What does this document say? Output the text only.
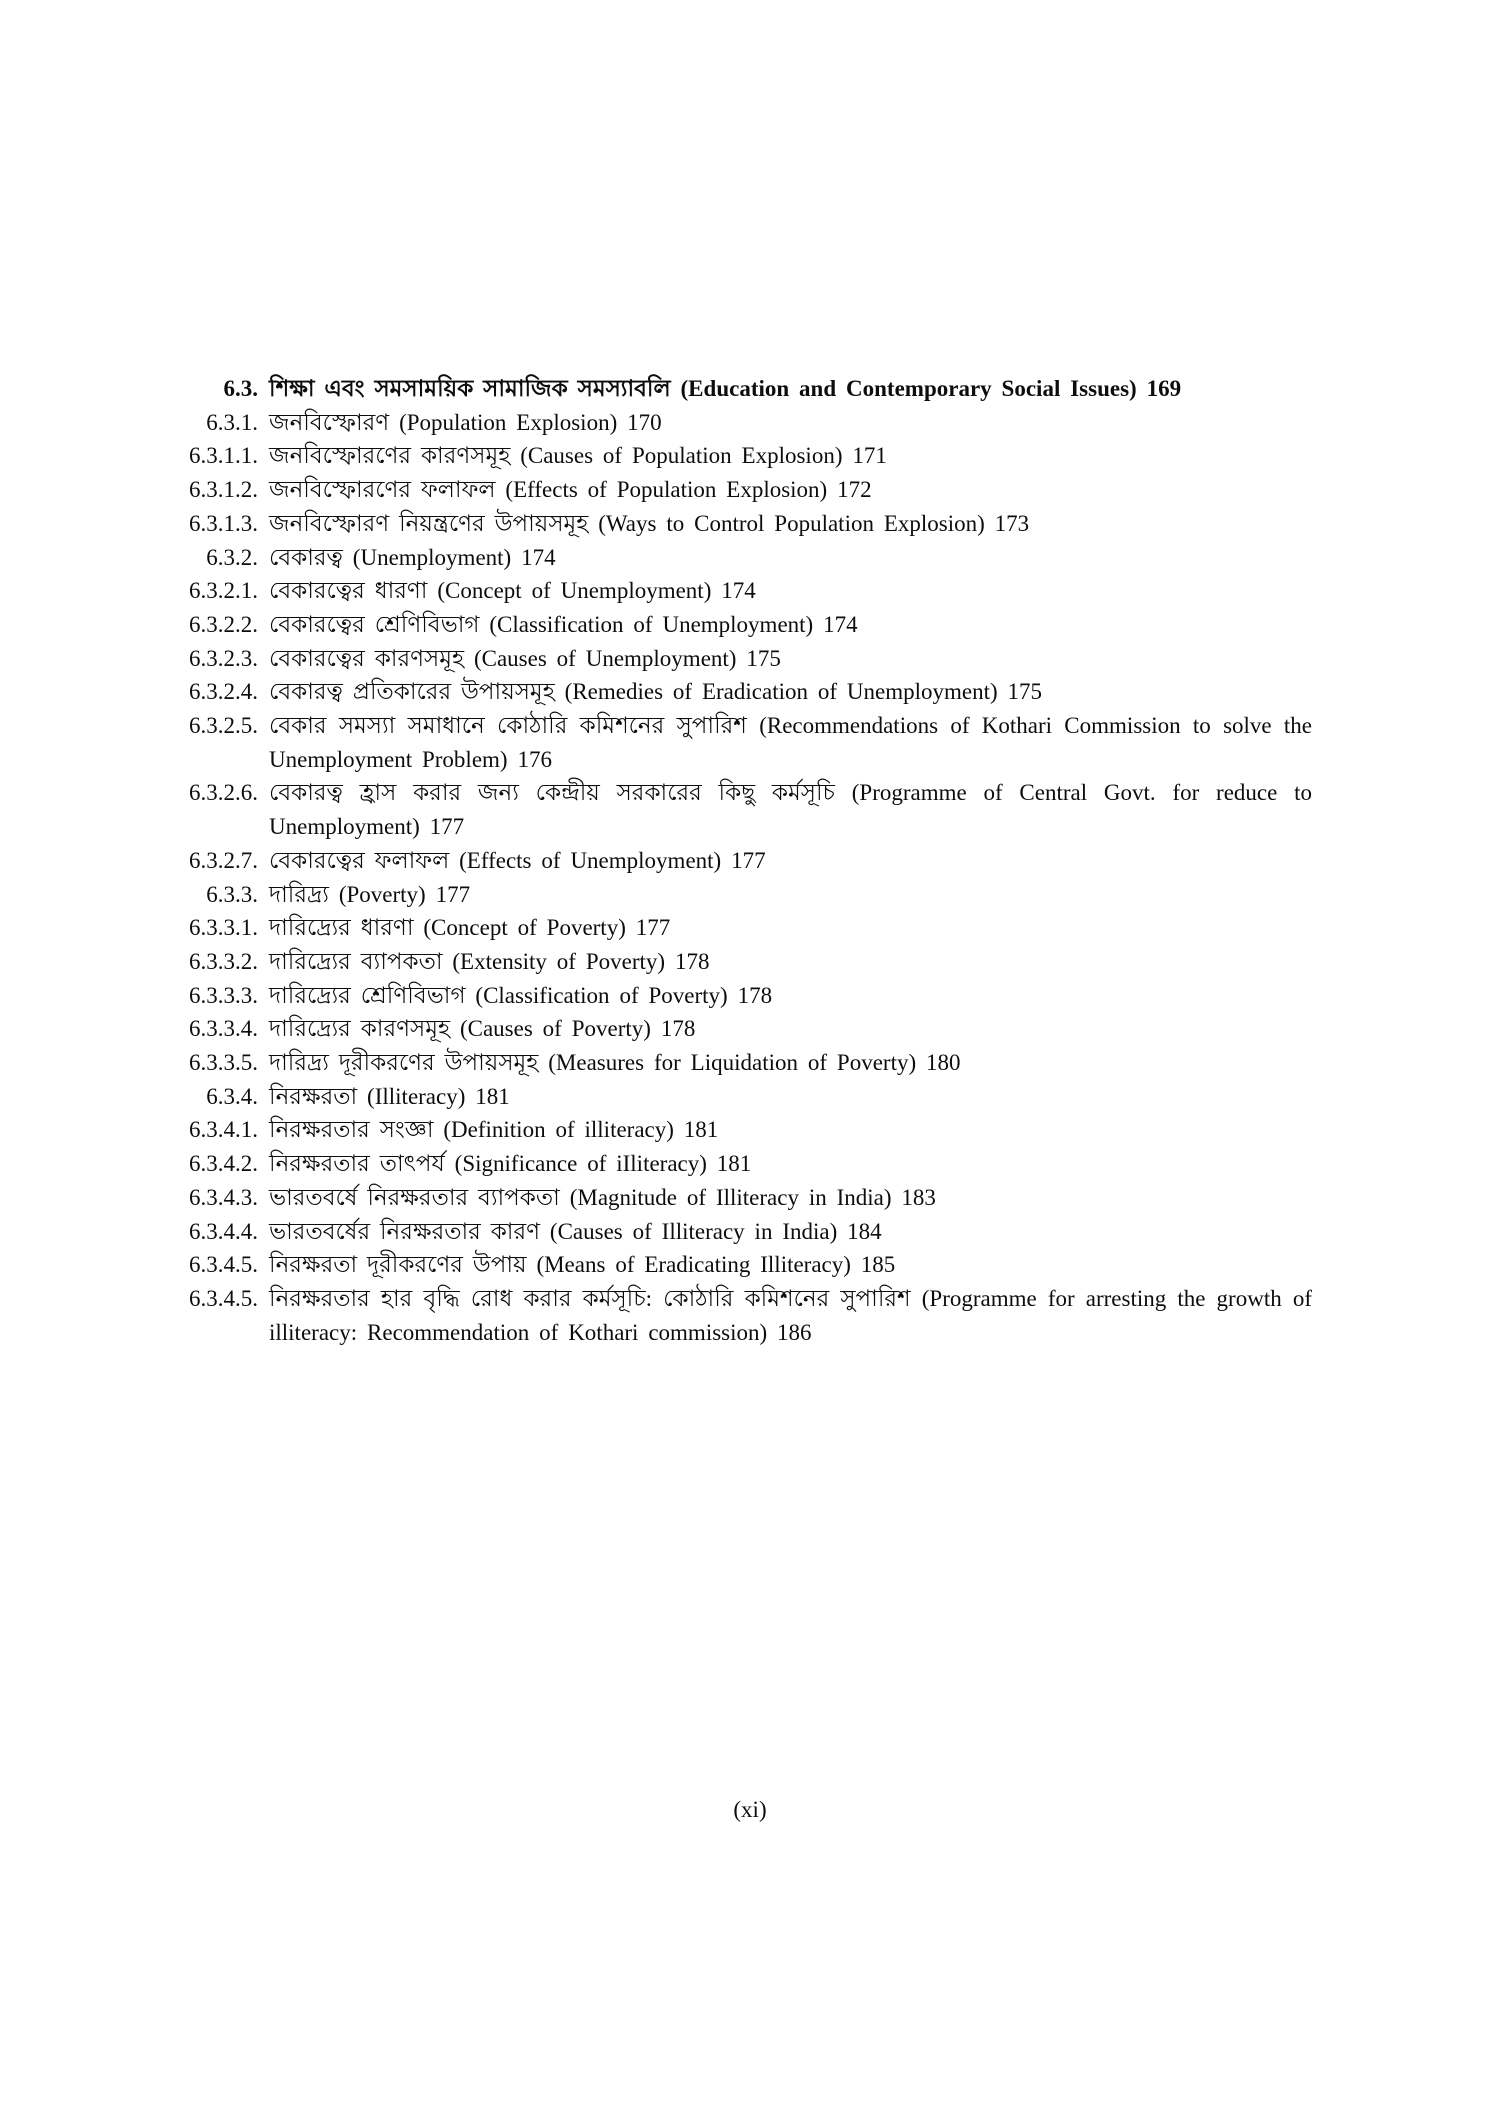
6.3. শিক্ষা এবং সমসাময়িক সামাজিক সমস্যাবলি (Education and Contemporary Social Issues) 169
6.3.1. জনবিস্ফোরণ (Population Explosion) 170
6.3.1.1. জনবিস্ফোরণের কারণসমূহ (Causes of Population Explosion) 171
6.3.1.2. জনবিস্ফোরণের ফলাফল (Effects of Population Explosion) 172
6.3.1.3. জনবিস্ফোরণ নিয়ন্ত্রণের উপায়সমূহ (Ways to Control Population Explosion) 173
6.3.2. বেকারত্ব (Unemployment) 174
6.3.2.1. বেকারত্বের ধারণা (Concept of Unemployment) 174
6.3.2.2. বেকারত্বের শ্রেণিবিভাগ (Classification of Unemployment) 174
6.3.2.3. বেকারত্বের কারণসমূহ (Causes of Unemployment) 175
6.3.2.4. বেকারত্ব প্রতিকারের উপায়সমূহ (Remedies of Eradication of Unemployment) 175
6.3.2.5. বেকার সমস্যা সমাধানে কোঠারি কমিশনের সুপারিশ (Recommendations of Kothari Commission to solve the Unemployment Problem) 176
6.3.2.6. বেকারত্ব হ্রাস করার জন্য কেন্দ্রীয় সরকারের কিছু কর্মসূচি (Programme of Central Govt. for reduce to Unemployment) 177
6.3.2.7. বেকারত্বের ফলাফল (Effects of Unemployment) 177
6.3.3. দারিদ্র্য (Poverty) 177
6.3.3.1. দারিদ্র্যের ধারণা (Concept of Poverty) 177
6.3.3.2. দারিদ্র্যের ব্যাপকতা (Extensity of Poverty) 178
6.3.3.3. দারিদ্র্যের শ্রেণিবিভাগ (Classification of Poverty) 178
6.3.3.4. দারিদ্র্যের কারণসমূহ (Causes of Poverty) 178
6.3.3.5. দারিদ্র্য দূরীকরণের উপায়সমূহ (Measures for Liquidation of Poverty) 180
6.3.4. নিরক্ষরতা (Illiteracy) 181
6.3.4.1. নিরক্ষরতার সংজ্ঞা (Definition of illiteracy) 181
6.3.4.2. নিরক্ষরতার তাৎপর্য (Significance of iIliteracy) 181
6.3.4.3. ভারতবর্ষে নিরক্ষরতার ব্যাপকতা (Magnitude of Illiteracy in India) 183
6.3.4.4. ভারতবর্ষের নিরক্ষরতার কারণ (Causes of Illiteracy in India) 184
6.3.4.5. নিরক্ষরতা দূরীকরণের উপায় (Means of Eradicating Illiteracy) 185
6.3.4.5. নিরক্ষরতার হার বৃদ্ধি রোধ করার কর্মসূচি: কোঠারি কমিশনের সুপারিশ (Programme for arresting the growth of illiteracy: Recommendation of Kothari commission) 186
(xi)
